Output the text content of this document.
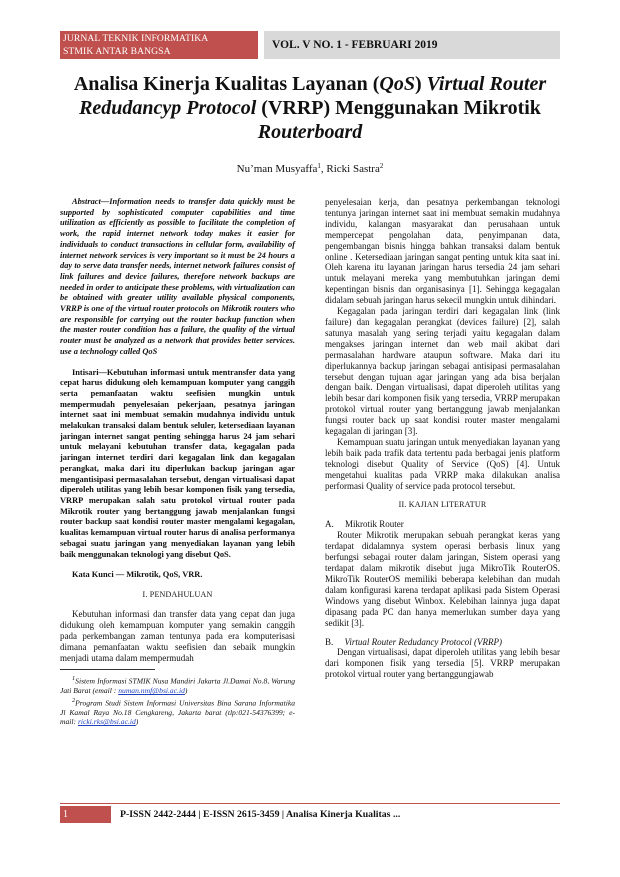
JURNAL TEKNIK INFORMATIKA
STMIK ANTAR BANGSA	VOL. V NO. 1 - FEBRUARI 2019
Analisa Kinerja Kualitas Layanan (QoS) Virtual Router
Redudancyp Protocol (VRRP) Menggunakan Mikrotik
Routerboard
Nu’man Musyaffa$^1$, Ricki Sastra$^2$

Abstract—Information needs to transfer data quickly must be supported by sophisticated computer capabilities and time utilization as efficiently as possible to facilitate the completion of work, the rapid internet network today makes it easier for individuals to conduct transactions in cellular form, availability of internet network services is very important so it must be 24 hours a day to serve data transfer needs, internet network failures consist of link failures and device failures, therefore network backups are needed in order to anticipate these problems, with virtualization can be obtained with greater utility available physical components, VRRP is one of the virtual router protocols on Mikrotik routers who are responsible for carrying out the router backup function when the master router condition has a failure, the quality of the virtual router must be analyzed as a network that provides better services. use a technology called QoS

Intisari—Kebutuhan informasi untuk mentransfer data yang cepat harus didukung oleh kemampuan komputer yang canggih serta pemanfaatan waktu seefisien mungkin untuk mempermudah penyelesaian pekerjaan, pesatnya jaringan internet saat ini membuat semakin mudahnya individu untuk melakukan transaksi dalam bentuk seluler, ketersediaan layanan jaringan internet sangat penting sehingga harus 24 jam sehari untuk melayani kebutuhan transfer data, kegagalan pada jaringan internet terdiri dari kegagalan link dan kegagalan perangkat, maka dari itu diperlukan backup jaringan agar mengantisipasi permasalahan tersebut, dengan virtualisasi dapat diperoleh utilitas yang lebih besar komponen fisik yang tersedia, VRRP merupakan salah satu protokol virtual router pada Mikrotik router yang bertanggung jawab menjalankan fungsi router backup saat kondisi router master mengalami kegagalan, kualitas kemampuan virtual router harus di analisa performanya sebagai suatu jaringan yang menyediakan layanan yang lebih baik menggunakan teknologi yang disebut QoS.

Kata Kunci — Mikrotik, QoS, VRR.

I. PENDAHULUAN

Kebutuhan informasi dan transfer data yang cepat dan juga didukung oleh kemampuan komputer yang semakin canggih pada perkembangan zaman tentunya pada era komputerisasi dimana pemanfaatan waktu seefisien dan sebaik mungkin menjadi utama dalam mempermudah

$^1$Sistem Informasi STMIK Nusa Mandiri Jakarta Jl.Damai No.8, Warung Jati Barat (email : numan.nmf@bsi.ac.id)

$^2$Program Studi Sistem Informasi Universitas Bina Sarana Informatika Jl Kamal Raya No.18 Cengkareng, Jakarta barat (tlp:021-54376399; e-mail: ricki.rks@bsi.ac.id)

penyelesaian kerja, dan pesatnya perkembangan teknologi tentunya jaringan internet saat ini membuat semakin mudahnya individu, kalangan masyarakat dan perusahaan untuk mempercepat pengolahan data, penyimpanan data, pengembangan bisnis hingga bahkan transaksi dalam bentuk online . Ketersediaan jaringan sangat penting untuk kita saat ini. Oleh karena itu layanan jaringan harus tersedia 24 jam sehari untuk melayani mereka yang membutuhkan jaringan demi kepentingan bisnis dan organisasinya [1]. Sehingga kegagalan didalam sebuah jaringan harus sekecil mungkin untuk dihindari.

Kegagalan pada jaringan terdiri dari kegagalan link (link failure) dan kegagalan perangkat (devices failure) [2], salah satunya masalah yang sering terjadi yaitu kegagalan dalam mengakses jaringan internet dan web mail akibat dari permasalahan hardware ataupun software. Maka dari itu diperlukannya backup jaringan sebagai antisipasi permasalahan tersebut dengan tujuan agar jaringan yang ada bisa berjalan dengan baik. Dengan virtualisasi, dapat diperoleh utilitas yang lebih besar dari komponen fisik yang tersedia, VRRP merupakan protokol virtual router yang bertanggung jawab menjalankan fungsi router back up saat kondisi router master mengalami kegagalan di jaringan [3].

Kemampuan suatu jaringan untuk menyediakan layanan yang lebih baik pada trafik data tertentu pada berbagai jenis platform teknologi disebut Quality of Service (QoS) [4]. Untuk mengetahui kualitas pada VRRP maka dilakukan analisa performasi Quality of service pada protocol tersebut.

II. KAJIAN LITERATUR

A. Mikrotik Router

Router Mikrotik merupakan sebuah perangkat keras yang terdapat didalamnya system operasi berbasis linux yang berfungsi sebagai router dalam jaringan, Sistem operasi yang terdapat dalam mikrotik disebut juga MikroTik RouterOS. MikroTik RouterOS memiliki beberapa kelebihan dan mudah dalam konfigurasi karena terdapat aplikasi pada Sistem Operasi Windows yang disebut Winbox. Kelebihan lainnya juga dapat dipasang pada PC dan hanya memerlukan sumber daya yang sedikit [3].

B. Virtual Router Redudancy Protocol (VRRP)

Dengan virtualisasi, dapat diperoleh utilitas yang lebih besar dari komponen fisik yang tersedia [5]. VRRP merupakan protokol virtual router yang bertanggungjawab

1	P-ISSN 2442-2444 | E-ISSN 2615-3459 | Analisa Kinerja Kualitas ...
